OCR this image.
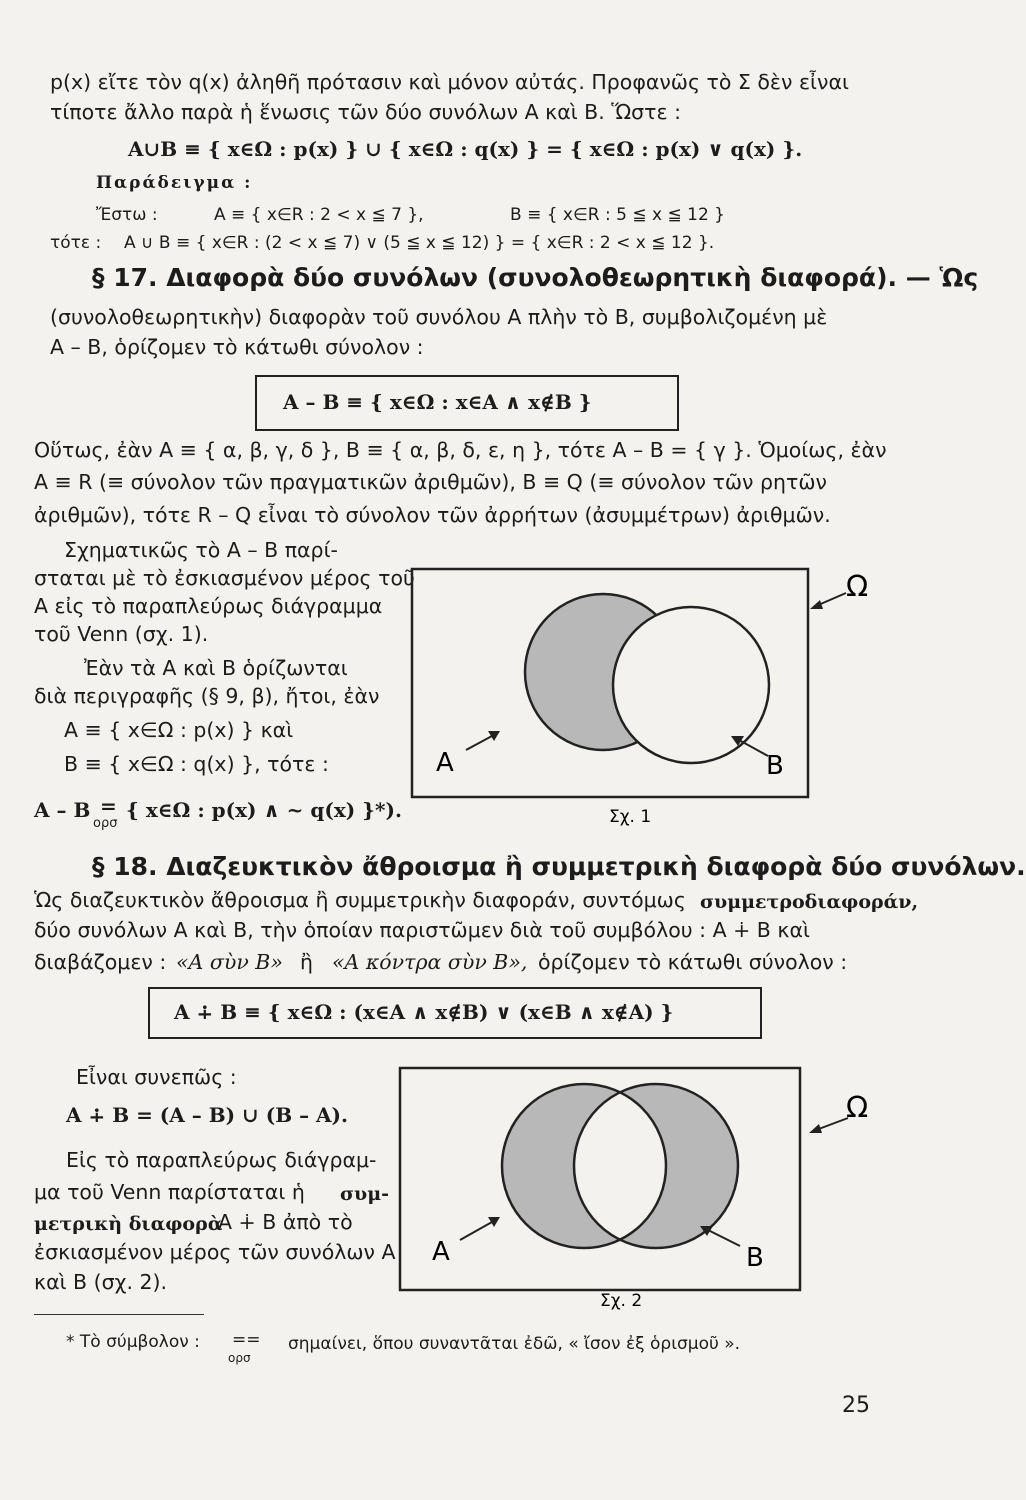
p(x) εἴτε τὸν q(x) ἀληθῆ πρότασιν καὶ μόνον αὐτάς. Προφανῶς τὸ Σ δὲν εἶναι
τίποτε ἄλλο παρὰ ἡ ἕνωσις τῶν δύο συνόλων Α καὶ Β. Ὥστε :
A∪B ≡ { x∈Ω : p(x) } ∪ { x∈Ω : q(x) } = { x∈Ω : p(x) ∨ q(x) }.
Παράδειγμα :
Ἔστω :	A ≡ { x∈R : 2 < x ≦ 7 },	B ≡ { x∈R : 5 ≦ x ≦ 12 }
τότε : A ∪ B ≡ { x∈R : (2 < x ≦ 7) ∨ (5 ≦ x ≦ 12) } = { x∈R : 2 < x ≦ 12 }.
§ 17. Διαφορὰ δύο συνόλων (συνολοθεωρητικὴ διαφορά). — Ὡς
(συνολοθεωρητικὴν) διαφορὰν τοῦ συνόλου Α πλὴν τὸ Β, συμβολιζομένη μὲ
Α – Β, ὁρίζομεν τὸ κάτωθι σύνολον :
A – B ≡ { x∈Ω : x∈A ∧ x∉B }
Οὕτως, ἐὰν Α ≡ { α, β, γ, δ }, Β ≡ { α, β, δ, ε, η }, τότε Α – Β = { γ }. Ὁμοίως, ἐὰν
Α ≡ R (≡ σύνολον τῶν πραγματικῶν ἀριθμῶν), Β ≡ Q (≡ σύνολον τῶν ρητῶν
ἀριθμῶν), τότε R – Q εἶναι τὸ σύνολον τῶν ἀρρήτων (ἀσυμμέτρων) ἀριθμῶν.
Σχηματικῶς τὸ Α – Β παρί-
σταται μὲ τὸ ἐσκιασμένον μέρος τοῦ
Α εἰς τὸ παραπλεύρως διάγραμμα
τοῦ Venn (σχ. 1).
Ἐὰν τὰ Α καὶ Β ὁρίζωνται
διὰ περιγραφῆς (§ 9, β), ἤτοι, ἐὰν
Α ≡ { x∈Ω : p(x) } καὶ
Β ≡ { x∈Ω : q(x) }, τότε :
A – B =
ορσ
{ x∈Ω : p(x) ∧ ~ q(x) }*).
Ω
A	B
Σχ. 1
§ 18. Διαζευκτικὸν ἄθροισμα ἢ συμμετρικὴ διαφορὰ δύο συνόλων.
Ὡς διαζευκτικὸν ἄθροισμα ἢ συμμετρικὴν διαφοράν, συντόμως συμμετροδιαφοράν,
δύο συνόλων Α καὶ Β, τὴν ὁποίαν παριστῶμεν διὰ τοῦ συμβόλου : Α ∔ Β καὶ
διαβάζομεν : «Α σὺν Β» ἢ «Α κόντρα σὺν Β», ὁρίζομεν τὸ κάτωθι σύνολον :
A ∔ B ≡ { x∈Ω : (x∈A ∧ x∉B) ∨ (x∈B ∧ x∉A) }
Εἶναι συνεπῶς :
A ∔ B = (A – B) ∪ (B – A).
Εἰς τὸ παραπλεύρως διάγραμ-
μα τοῦ Venn παρίσταται ἡ συμ-
μετρικὴ διαφορὰ
Α ∔ Β ἀπὸ τὸ
ἐσκιασμένον μέρος τῶν συνόλων Α
καὶ Β (σχ. 2).
Ω
A	B
Σχ. 2
* Τὸ σύμβολον : ==
ορσ
σημαίνει, ὅπου συναντᾶται ἐδῶ, « ἴσον ἐξ ὁρισμοῦ ».
25
